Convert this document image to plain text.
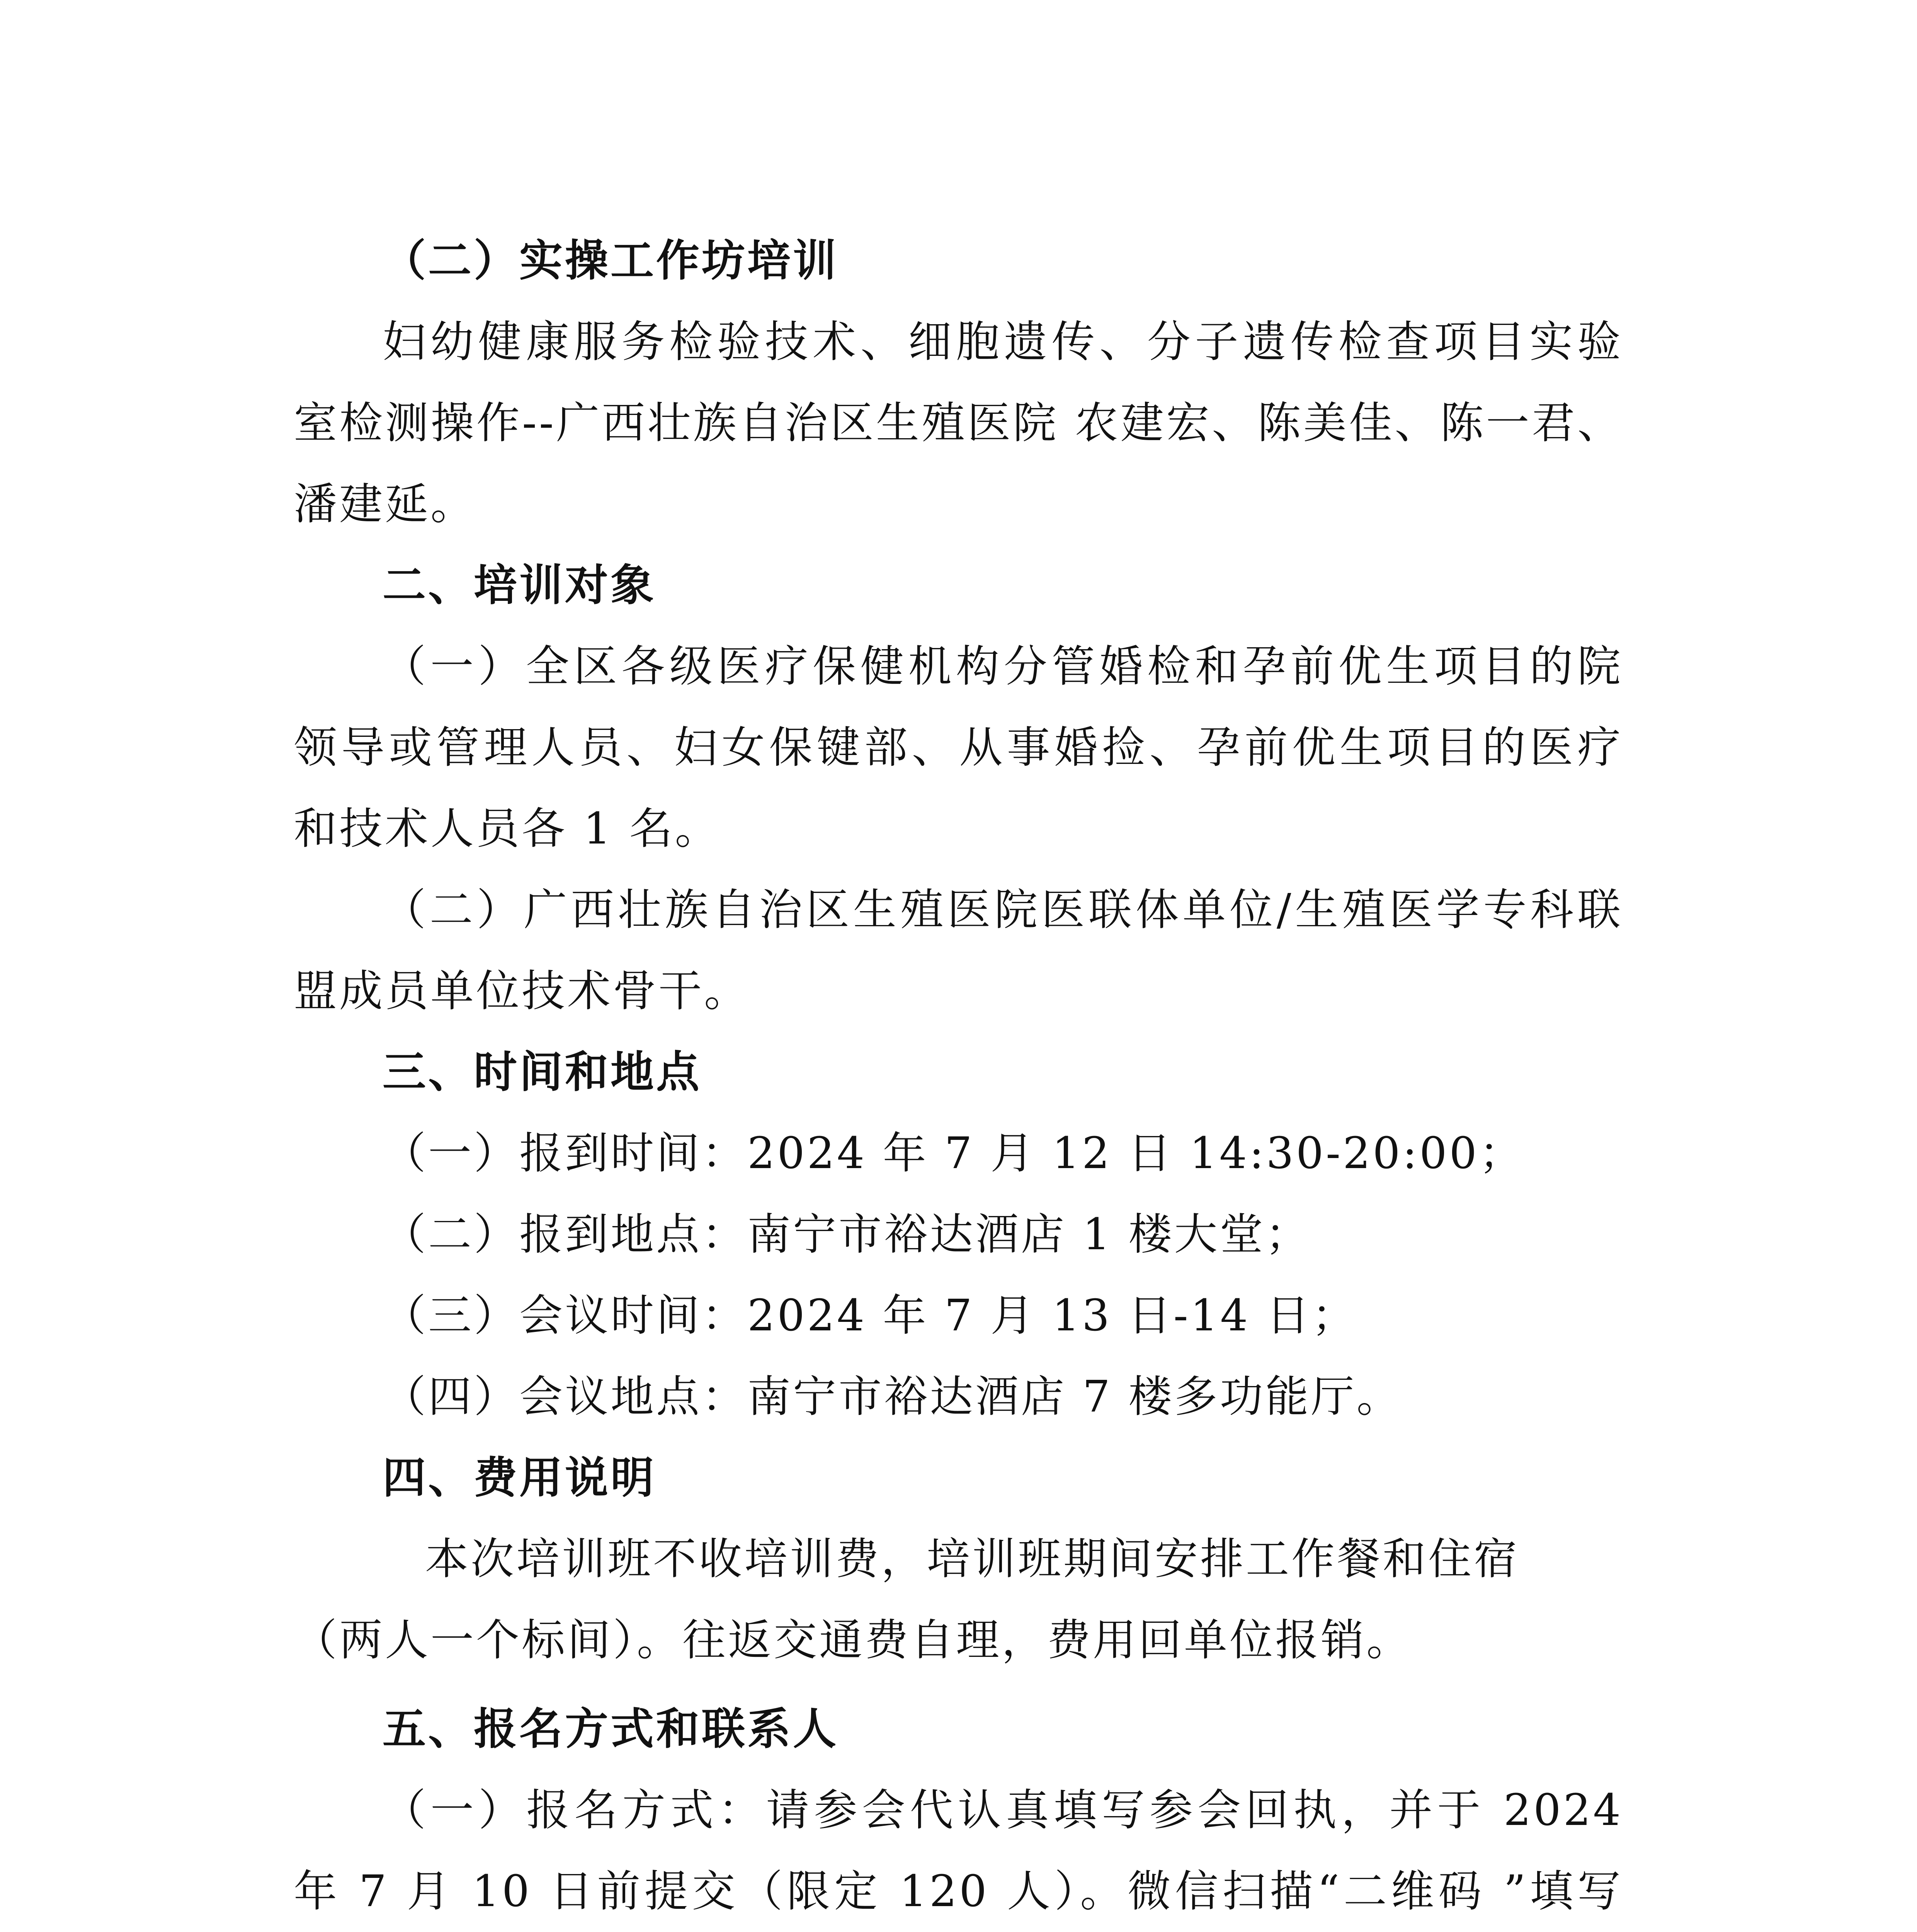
（二）实操工作坊培训
妇幼健康服务检验技术、细胞遗传、分子遗传检查项目实验
室检测操作--广西壮族自治区生殖医院 农建宏、陈美佳、陈一君、
潘建延。
二、培训对象
（一）全区各级医疗保健机构分管婚检和孕前优生项目的院
领导或管理人员、妇女保键部、从事婚捡、孕前优生项目的医疗
和技术人员各 1 名。
（二）广西壮族自治区生殖医院医联体单位/生殖医学专科联
盟成员单位技术骨干。
三、时间和地点
（一）报到时间：2024 年 7 月 12 日 14:30-20:00；
（二）报到地点：南宁市裕达酒店 1 楼大堂；
（三）会议时间：2024 年 7 月 13 日-14 日；
（四）会议地点：南宁市裕达酒店 7 楼多功能厅。
四、费用说明
本次培训班不收培训费，培训班期间安排工作餐和住宿
（两人一个标间）。往返交通费自理，费用回单位报销。
五、报名方式和联系人
（一）报名方式：请参会代认真填写参会回执，并于 2024
年 7 月 10 日前提交（限定 120 人）。微信扫描“二维码 ”填写
